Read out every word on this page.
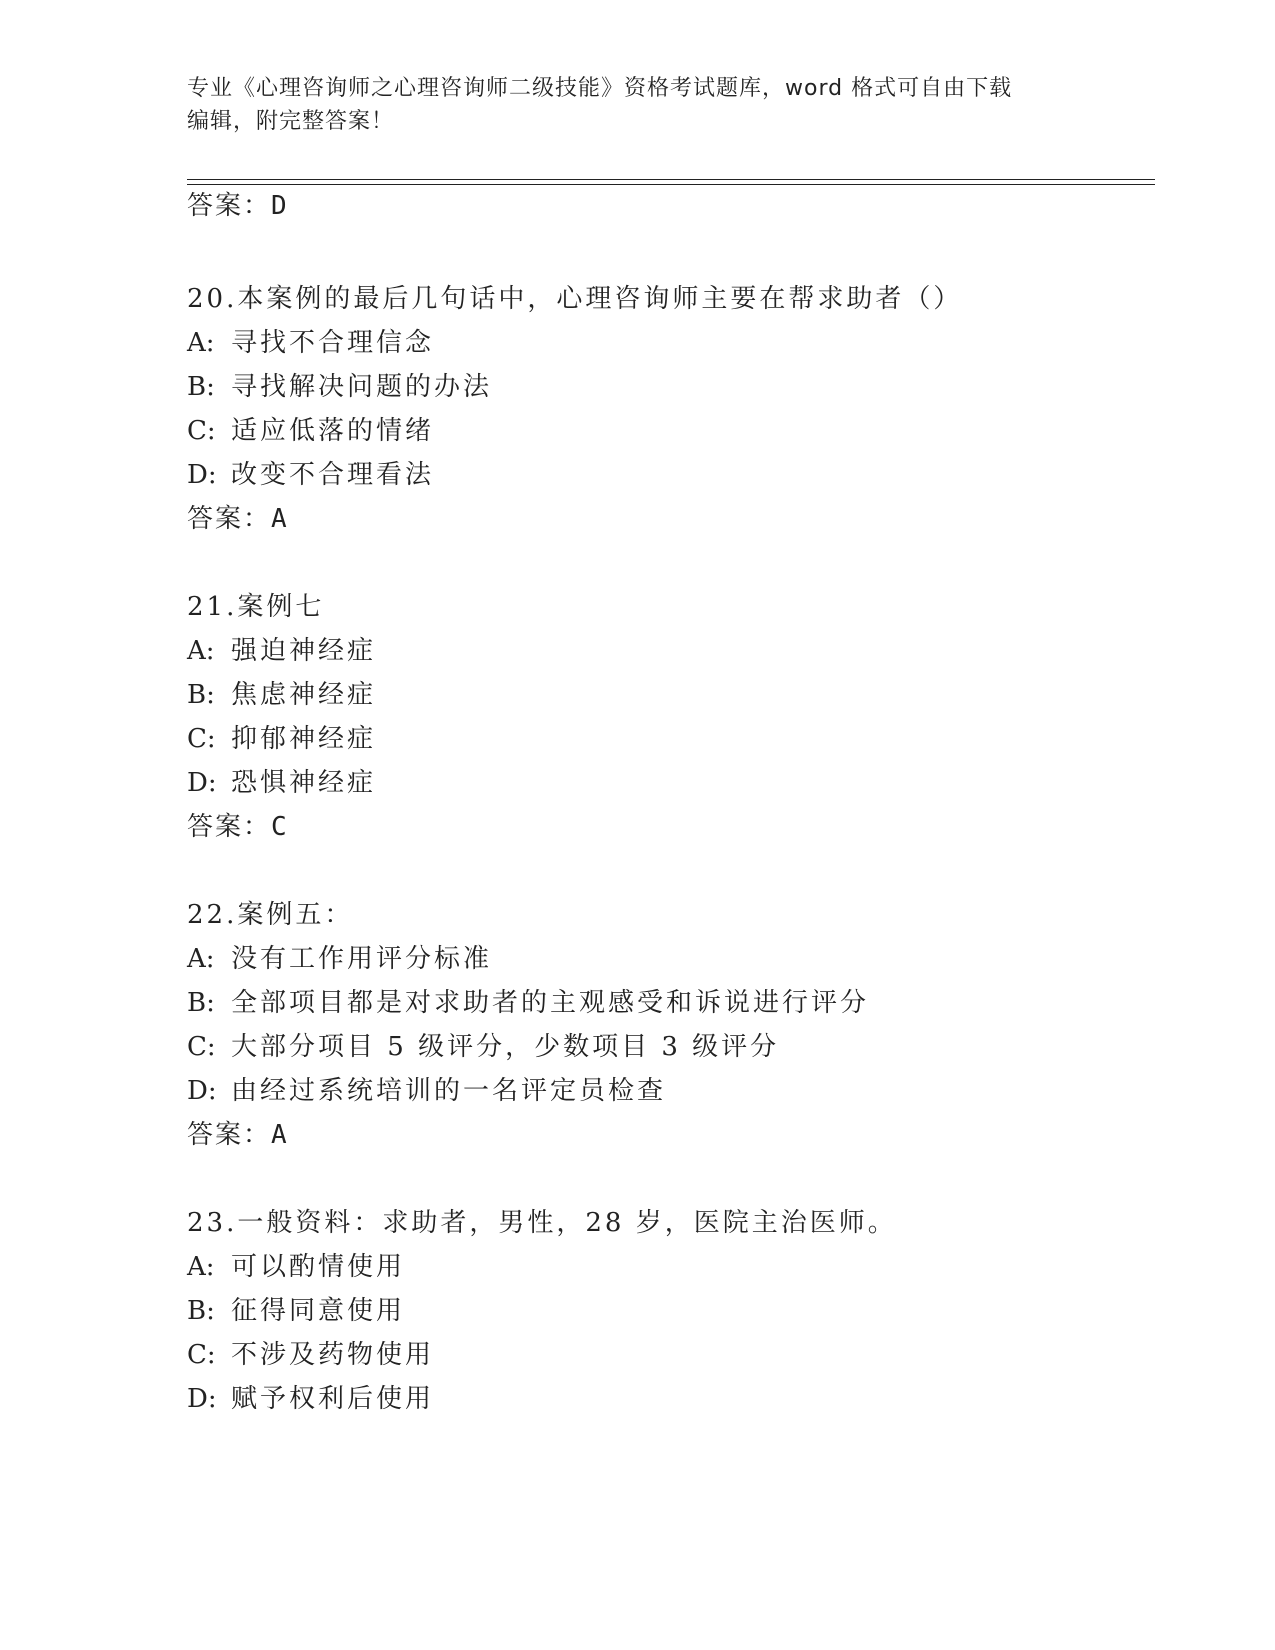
专业《心理咨询师之心理咨询师二级技能》资格考试题库，word 格式可自由下载
编辑，附完整答案！
答案：D
20.本案例的最后几句话中，心理咨询师主要在帮求助者（）
A: 寻找不合理信念
B: 寻找解决问题的办法
C: 适应低落的情绪
D: 改变不合理看法
答案：A
21.案例七
A: 强迫神经症
B: 焦虑神经症
C: 抑郁神经症
D: 恐惧神经症
答案：C
22.案例五：
A: 没有工作用评分标准
B: 全部项目都是对求助者的主观感受和诉说进行评分
C: 大部分项目 5 级评分，少数项目 3 级评分
D: 由经过系统培训的一名评定员检查
答案：A
23.一般资料：求助者，男性，28 岁，医院主治医师。
A: 可以酌情使用
B: 征得同意使用
C: 不涉及药物使用
D: 赋予权利后使用
